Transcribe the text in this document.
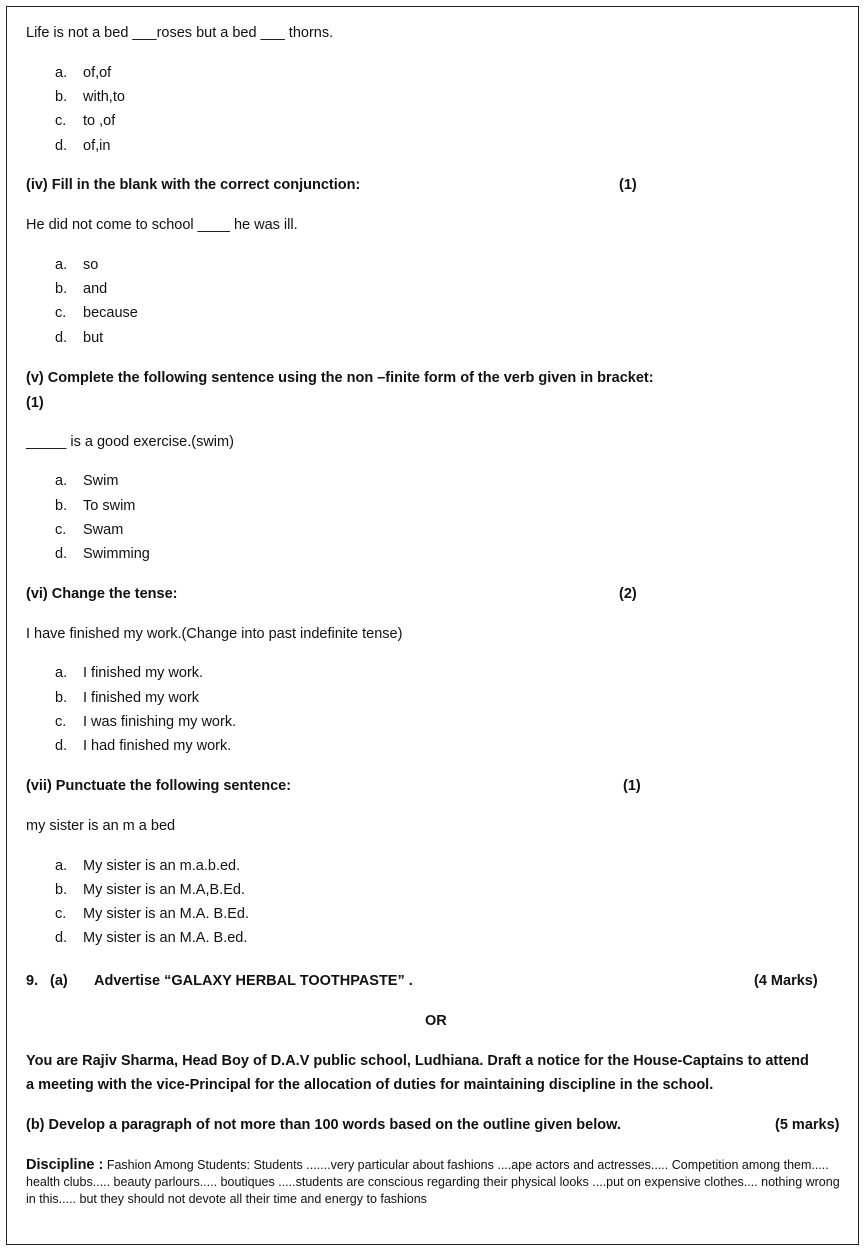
Life is not a bed ___roses but a bed ___ thorns.
a. of,of
b. with,to
c. to ,of
d. of,in
(iv) Fill in the blank with the correct conjunction:	(1)
He did not come to school ____ he was ill.
a. so
b. and
c. because
d. but
(v) Complete the following sentence using the non –finite form of the verb given in bracket:
(1)
_____ is a good exercise.(swim)
a. Swim
b. To swim
c. Swam
d. Swimming
(vi) Change the tense:	(2)
I have finished my work.(Change into past indefinite tense)
a. I finished my work.
b. I finished my work
c. I was finishing my work.
d. I had finished my work.
(vii) Punctuate the following sentence:	(1)
my sister is an m a bed
a. My sister is an m.a.b.ed.
b. My sister is an M.A,B.Ed.
c. My sister is an M.A. B.Ed.
d. My sister is an M.A. B.ed.
9. (a) Advertise “GALAXY HERBAL TOOTHPASTE” .	(4 Marks)
OR
You are Rajiv Sharma, Head Boy of D.A.V public school, Ludhiana. Draft a notice for the House-Captains to attend
a meeting with the vice-Principal for the allocation of duties for maintaining discipline in the school.
(b) Develop a paragraph of not more than 100 words based on the outline given below.	(5 marks)
Discipline : Fashion Among Students: Students .......very particular about fashions ....ape actors and actresses..... Competition among them..... health clubs..... beauty parlours..... boutiques .....students are conscious regarding their physical looks ....put on expensive clothes.... nothing wrong in this..... but they should not devote all their time and energy to fashions
